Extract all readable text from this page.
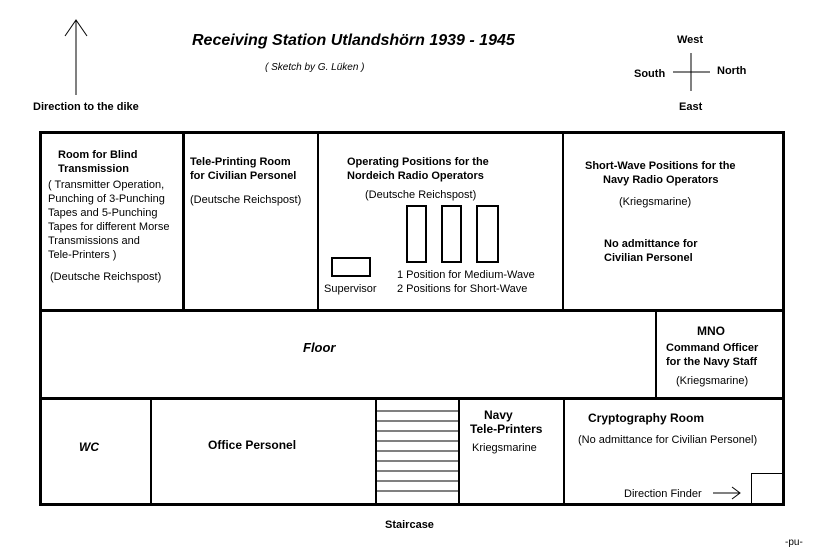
Receiving Station Utlandshörn 1939 - 1945
( Sketch by G. Lüken )
Direction to the dike
West
South	North
East
Room for Blind
Transmission
( Transmitter Operation,
Punching of 3-Punching
Tapes and 5-Punching
Tapes for different Morse
Transmissions and
Tele-Printers )
(Deutsche Reichspost)
Tele-Printing Room
for Civilian Personel
(Deutsche Reichspost)
Operating Positions for the
Nordeich Radio Operators
(Deutsche Reichspost)
Supervisor
1 Position for Medium-Wave
2 Positions for Short-Wave
Short-Wave Positions for the
Navy Radio Operators
(Kriegsmarine)
No admittance for
Civilian Personel
Floor
MNO
Command Officer
for the Navy Staff
(Kriegsmarine)
WC	Office Personel
Navy
Tele-Printers
Kriegsmarine
Cryptography Room
(No admittance for Civilian Personel)
Direction Finder
Staircase
-pu-
